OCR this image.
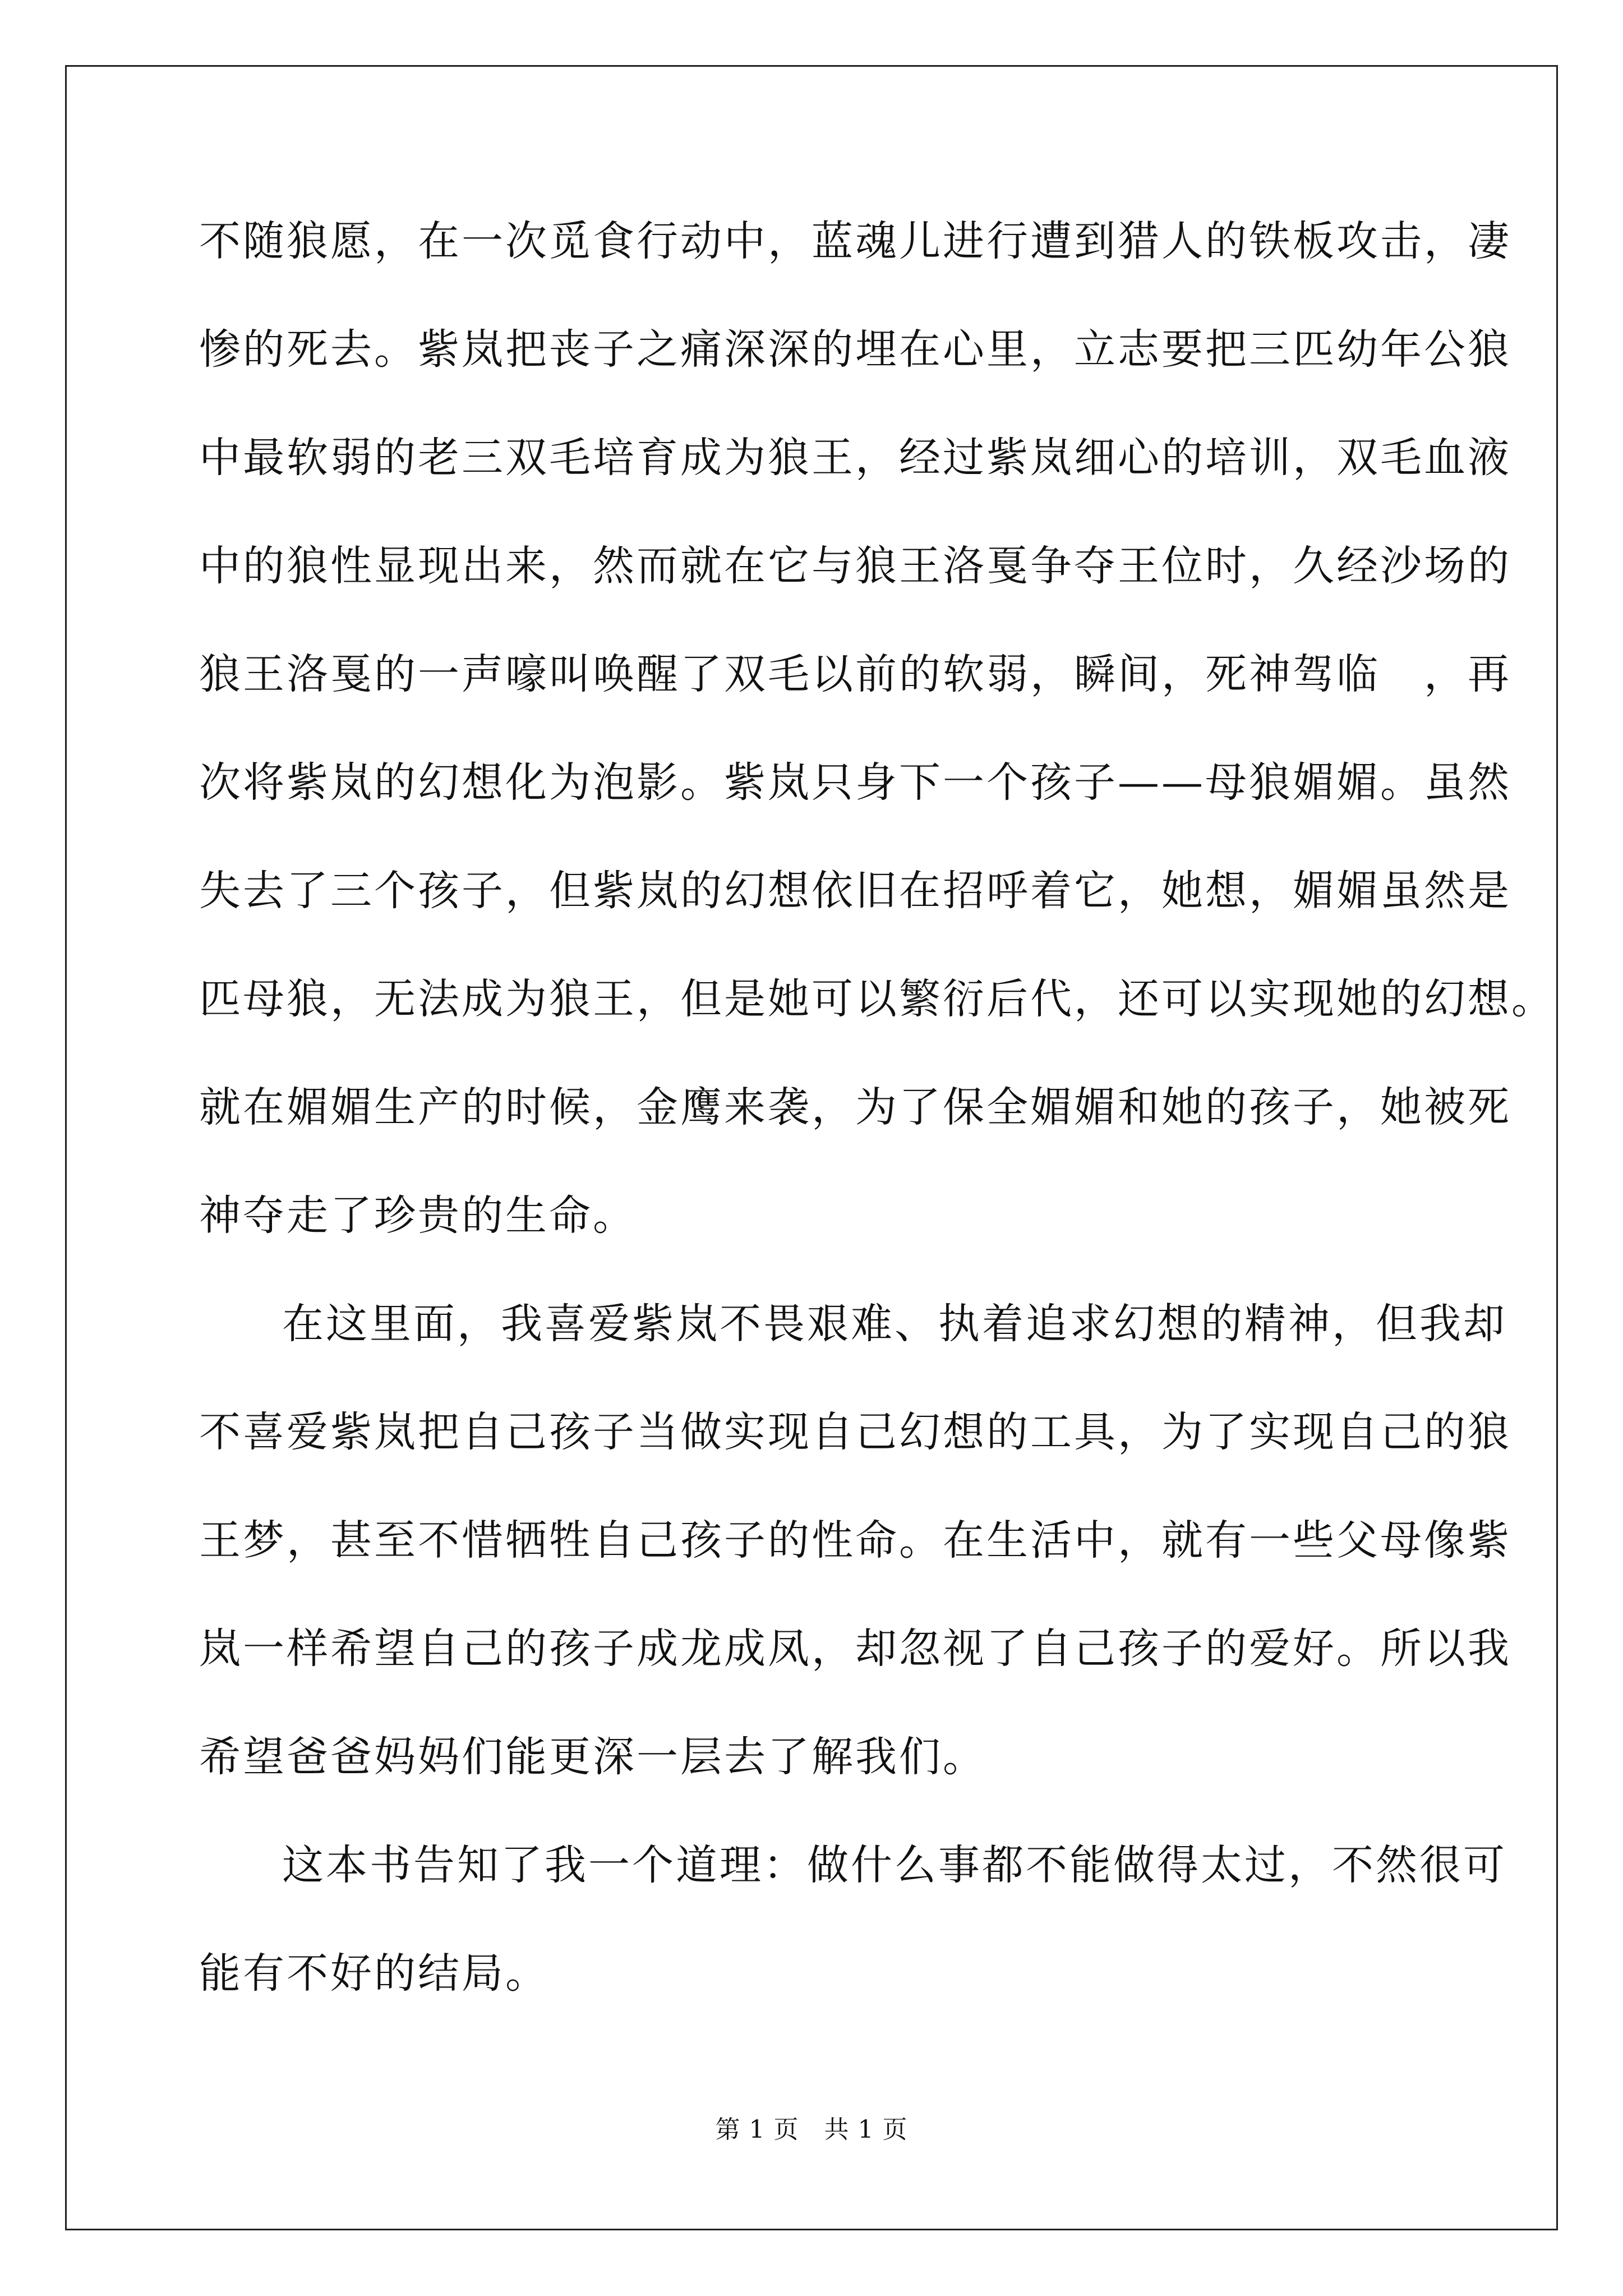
不随狼愿，在一次觅食行动中，蓝魂儿进行遭到猎人的铁板攻击，凄
惨的死去。紫岚把丧子之痛深深的埋在心里，立志要把三匹幼年公狼
中最软弱的老三双毛培育成为狼王，经过紫岚细心的培训，双毛血液
中的狼性显现出来，然而就在它与狼王洛戛争夺王位时，久经沙场的
狼王洛戛的一声嚎叫唤醒了双毛以前的软弱，瞬间，死神驾临　，再
次将紫岚的幻想化为泡影。紫岚只身下一个孩子——母狼媚媚。虽然
失去了三个孩子，但紫岚的幻想依旧在招呼着它，她想，媚媚虽然是
匹母狼，无法成为狼王，但是她可以繁衍后代，还可以实现她的幻想。
就在媚媚生产的时候，金鹰来袭，为了保全媚媚和她的孩子，她被死
神夺走了珍贵的生命。
在这里面，我喜爱紫岚不畏艰难、执着追求幻想的精神，但我却
不喜爱紫岚把自己孩子当做实现自己幻想的工具，为了实现自己的狼
王梦，甚至不惜牺牲自己孩子的性命。在生活中，就有一些父母像紫
岚一样希望自己的孩子成龙成凤，却忽视了自己孩子的爱好。所以我
希望爸爸妈妈们能更深一层去了解我们。
这本书告知了我一个道理：做什么事都不能做得太过，不然很可
能有不好的结局。
第 1 页　共 1 页
